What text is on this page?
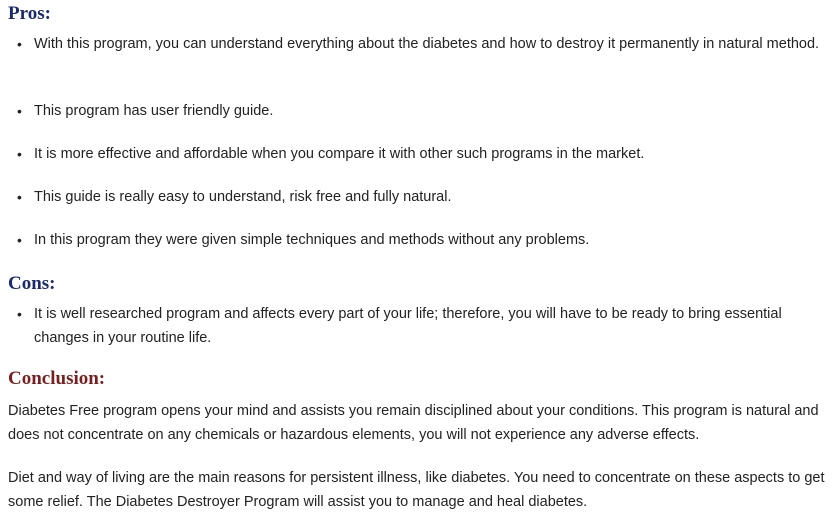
Pros:
• With this program, you can understand everything about the diabetes and how to destroy it permanently in natural method.
• This program has user friendly guide.
• It is more effective and affordable when you compare it with other such programs in the market.
• This guide is really easy to understand, risk free and fully natural.
• In this program they were given simple techniques and methods without any problems.
Cons:
• It is well researched program and affects every part of your life; therefore, you will have to be ready to bring essential changes in your routine life.
Conclusion:

Diabetes Free program opens your mind and assists you remain disciplined about your conditions. This program is natural and does not concentrate on any chemicals or hazardous elements, you will not experience any adverse effects.

Diet and way of living are the main reasons for persistent illness, like diabetes. You need to concentrate on these aspects to get some relief. The Diabetes Destroyer Program will assist you to manage and heal diabetes.
